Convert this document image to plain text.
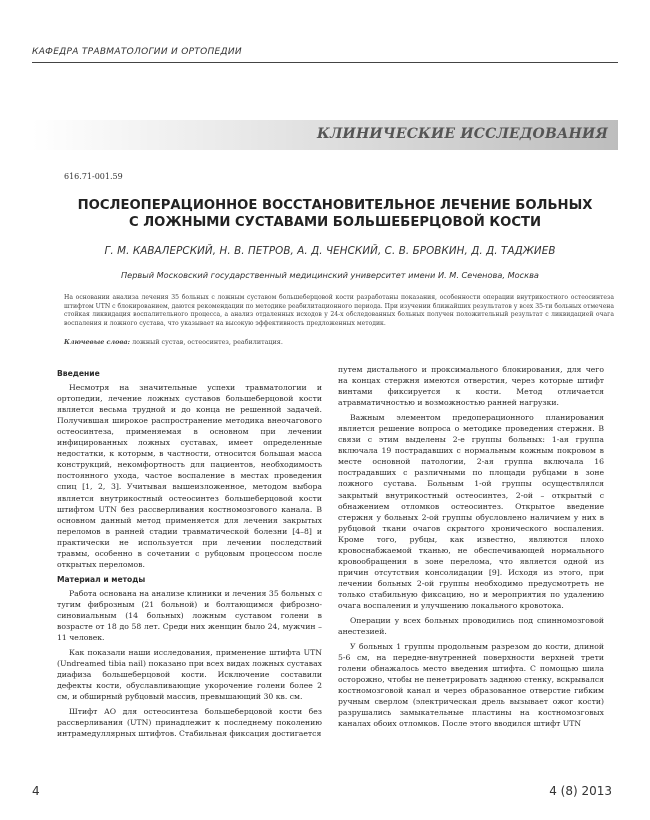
КАФЕДРА ТРАВМАТОЛОГИИ И ОРТОПЕДИИ
КЛИНИЧЕСКИЕ ИССЛЕДОВАНИЯ
616.71-001.59
ПОСЛЕОПЕРАЦИОННОЕ ВОССТАНОВИТЕЛЬНОЕ ЛЕЧЕНИЕ БОЛЬНЫХ
С ЛОЖНЫМИ СУСТАВАМИ БОЛЬШЕБЕРЦОВОЙ КОСТИ
Г. М. КАВАЛЕРСКИЙ, Н. В. ПЕТРОВ, А. Д. ЧЕНСКИЙ, С. В. БРОВКИН, Д. Д. ТАДЖИЕВ
Первый Московский государственный медицинский университет имени И. М. Сеченова, Москва
На основании анализа лечения 35 больных с ложным суставом большеберцовой кости разработаны показания, особенности операции внутрикостного остеосинтеза штифтом UTN с блокированием, даются рекомендации по методике реабилитационного периода. При изучении ближайших результатов у всех 35-ти больных отмечена стойкая ликвидация воспалительного процесса, а анализ отдаленных исходов у 24-х обследованных больных получен положительный результат с ликвидацией очага воспаления и ложного сустава, что указывает на высокую эффективность предложенных методик.
Ключевые слова: ложный сустав, остеосинтез, реабилитация.
Введение

Несмотря на значительные успехи травматологии и ортопедии, лечение ложных суставов большеберцовой кости является весьма трудной и до конца не решенной задачей. Получившая широкое распространение методика внеочагового остеосинтеза, применяемая в основном при лечении инфицированных ложных суставах, имеет определенные недостатки, к которым, в частности, относится большая масса конструкций, некомфортность для пациентов, необходимость постоянного ухода, частое воспаление в местах проведения спиц [1, 2, 3]. Учитывая вышеизложенное, методом выбора является внутрикостный остеосинтез большеберцовой кости штифтом UTN без рассверливания костномозгового канала. В основном данный метод применяется для лечения закрытых переломов в ранней стадии травматической болезни [4–8] и практически не используется при лечении последствий травмы, особенно в сочетании с рубцовым процессом после открытых переломов.

Материал и методы

Работа основана на анализе клиники и лечения 35 больных с тугим фиброзным (21 больной) и болтающимся фиброзно-синовиальным (14 больных) ложным суставом голени в возрасте от 18 до 58 лет. Среди них женщин было 24, мужчин – 11 человек.

Как показали наши исследования, применение штифта UTN (Undreamed tibia nail) показано при всех видах ложных суставах диафиза большеберцовой кости. Исключение составили дефекты кости, обуславливающие укорочение голени более 2 см, и обширный рубцовый массив, превышающий 30 кв. см.

Штифт АО для остеосинтеза большеберцовой кости без рассверливания (UTN) принадлежит к последнему поколению интрамедуллярных штифтов. Стабильная фиксация достигается

путем дистального и проксимального блокирования, для чего на концах стержня имеются отверстия, через которые штифт винтами фиксируется к кости. Метод отличается атравматичностью и возможностью ранней нагрузки.

Важным элементом предоперационного планирования является решение вопроса о методике проведения стержня. В связи с этим выделены 2-е группы больных: 1-ая группа включала 19 пострадавших с нормальным кожным покровом в месте основной патологии, 2-ая группа включала 16 пострадавших с различными по площади рубцами в зоне ложного сустава. Больным 1-ой группы осуществлялся закрытый внутрикостный остеосинтез, 2-ой – открытый с обнажением отломков остеосинтез. Открытое введение стержня у больных 2-ой группы обусловлено наличием у них в рубцовой ткани очагов скрытого хронического воспаления. Кроме того, рубцы, как известно, являются плохо кровоснабжаемой тканью, не обеспечивающей нормального кровообращения в зоне перелома, что является одной из причин отсутствия консолидации [9]. Исходя из этого, при лечении больных 2-ой группы необходимо предусмотреть не только стабильную фиксацию, но и мероприятия по удалению очага воспаления и улучшению локального кровотока.

Операции у всех больных проводились под спинномозговой анестезией.

У больных 1 группы продольным разрезом до кости, длиной 5-6 см, на передне-внутренней поверхности верхней трети голени обнажалось место введения штифта. С помощью шила осторожно, чтобы не пенетрировать заднюю стенку, вскрывался костномозговой канал и через образованное отверстие гибким ручным сверлом (электрическая дрель вызывает ожог кости) разрушались замыкательные пластины на костномозговых каналах обоих отломков. После этого вводился штифт UTN

4	4 (8) 2013
